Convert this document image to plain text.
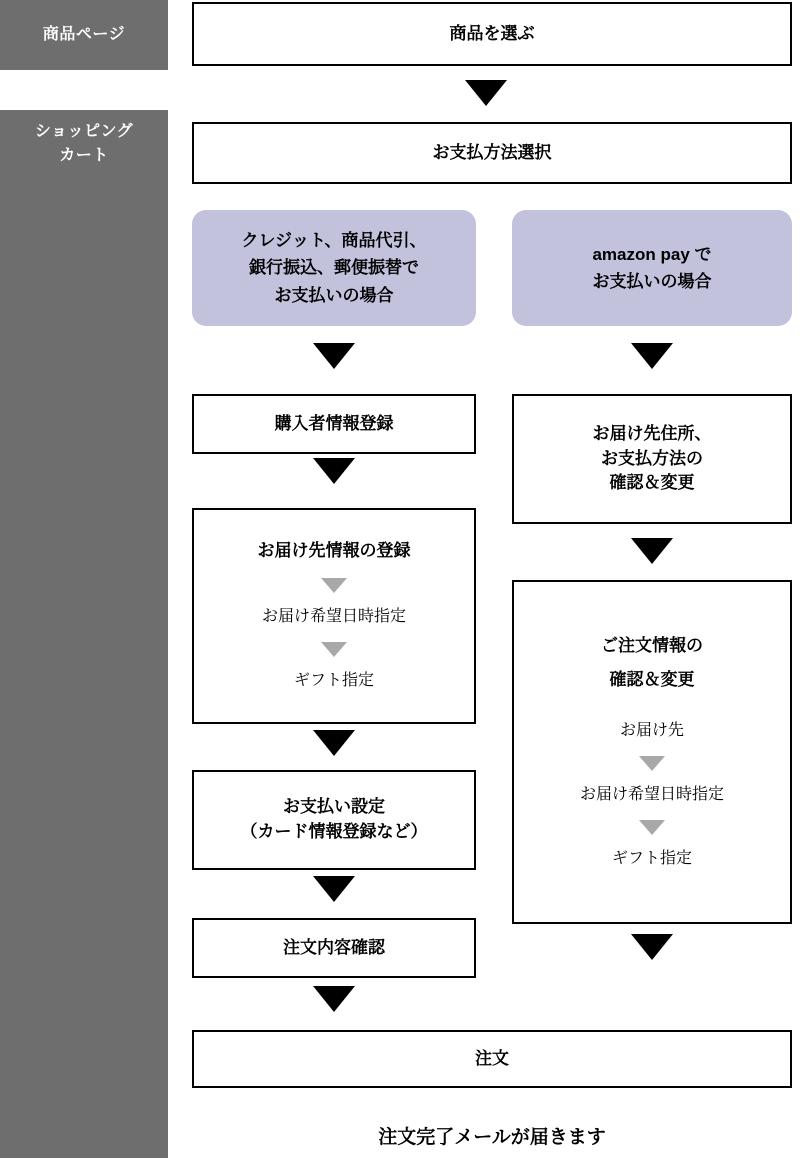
商品ページ
ショッピング
カート
商品を選ぶ
お支払方法選択
クレジット、商品代引、
銀行振込、郵便振替で
お支払いの場合
amazon pay で
お支払いの場合
購入者情報登録
お届け先情報の登録
お届け希望日時指定
ギフト指定
お支払い設定
（カード情報登録など）
注文内容確認
お届け先住所、
お支払方法の
確認＆変更
ご注文情報の
確認＆変更
お届け先
お届け希望日時指定
ギフト指定
注文
注文完了メールが届きます
